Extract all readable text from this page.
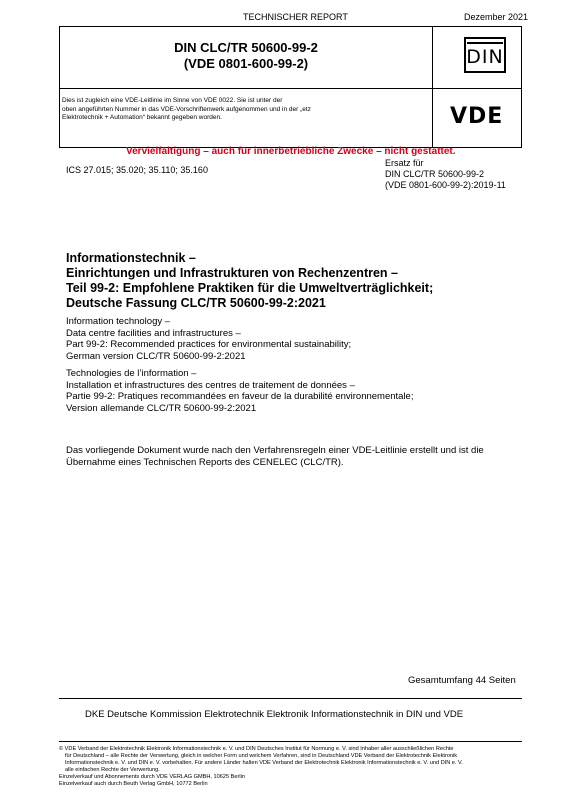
TECHNISCHER REPORT	Dezember 2021
DIN CLC/TR 50600-99-2
(VDE 0801-600-99-2)	DIN
VDE
Dies ist zugleich eine VDE-Leitlinie im Sinne von VDE 0022. Sie ist unter der
oben angeführten Nummer in das VDE-Vorschriftenwerk aufgenommen und in der „etz
Elektrotechnik + Automation“ bekannt gegeben worden.
Vervielfältigung – auch für innerbetriebliche Zwecke – nicht gestattet.
ICS 27.015; 35.020; 35.110; 35.160
Ersatz für
DIN CLC/TR 50600-99-2
(VDE 0801-600-99-2):2019-11
Informationstechnik –
Einrichtungen und Infrastrukturen von Rechenzentren –
Teil 99-2: Empfohlene Praktiken für die Umweltverträglichkeit;
Deutsche Fassung CLC/TR 50600-99-2:2021
Information technology –
Data centre facilities and infrastructures –
Part 99-2: Recommended practices for environmental sustainability;
German version CLC/TR 50600-99-2:2021
Technologies de l’information –
Installation et infrastructures des centres de traitement de données –
Partie 99-2: Pratiques recommandées en faveur de la durabilité environnementale;
Version allemande CLC/TR 50600-99-2:2021
Das vorliegende Dokument wurde nach den Verfahrensregeln einer VDE-Leitlinie erstellt und ist die
Übernahme eines Technischen Reports des CENELEC (CLC/TR).
Gesamtumfang 44 Seiten
DKE Deutsche Kommission Elektrotechnik Elektronik Informationstechnik in DIN und VDE
© VDE Verband der Elektrotechnik Elektronik Informationstechnik e. V. und DIN Deutsches Institut für Normung e. V. sind Inhaber aller ausschließlichen Rechte
für Deutschland – alle Rechte der Verwertung, gleich in welcher Form und welchem Verfahren, sind in Deutschland VDE Verband der Elektrotechnik Elektronik
Informationstechnik e. V. und DIN e. V. vorbehalten. Für andere Länder halten VDE Verband der Elektrotechnik Elektronik Informationstechnik e. V. und DIN e. V.
alle einfachen Rechte der Verwertung.
Einzelverkauf und Abonnements durch VDE VERLAG GMBH, 10625 Berlin
Einzelverkauf auch durch Beuth Verlag GmbH, 10772 Berlin
